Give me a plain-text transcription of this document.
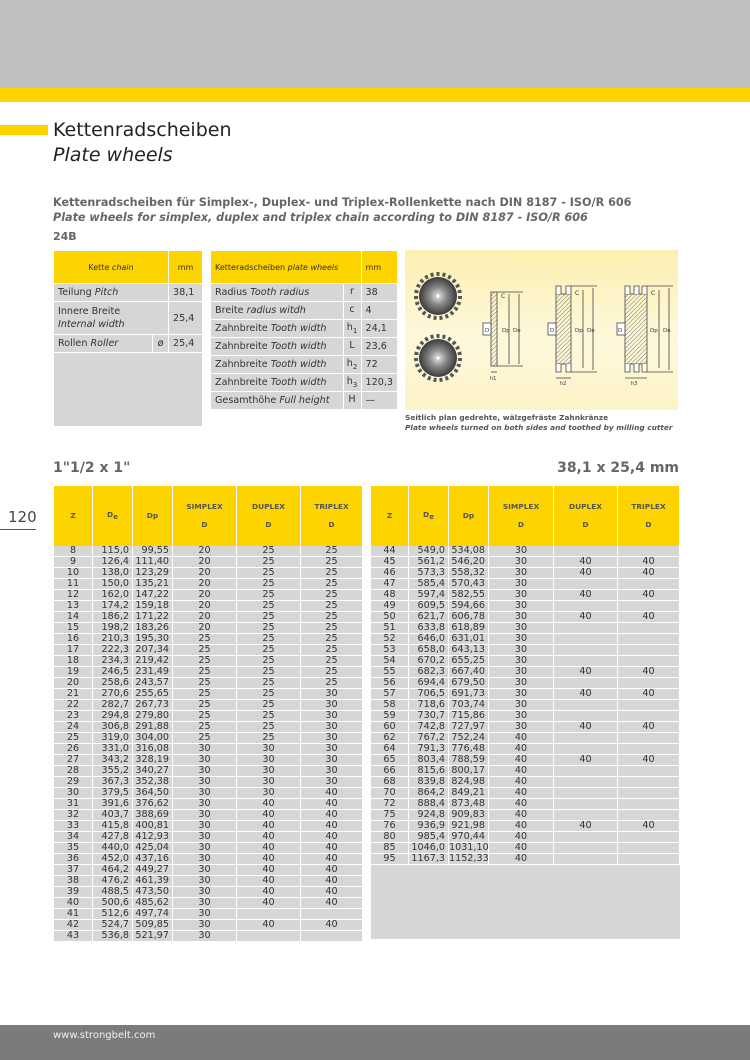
Kettenradscheiben
Plate wheels
Kettenradscheiben für Simplex-, Duplex- und Triplex-Rollenkette nach DIN 8187 - ISO/R 606
Plate wheels for simplex, duplex and triplex chain according to DIN 8187 - ISO/R 606
24B
Kette chain		mm
Teilung Pitch		38,1
Innere Breite
Internal width		25,4
Rollen Roller	ø	25,4

Ketteradscheiben plate wheels		mm
Radius Tooth radius	r	38
Breite radius witdh	c	4
Zahnbreite Tooth width	$h_1$	24,1
Zahnbreite Tooth width	L	23,6
Zahnbreite Tooth width	$h_2$	72
Zahnbreite Tooth width	$h_3$	120,3
Gesamthöhe Full height	H	—
C
D Dp De
h1
C
D	Dp De
h2
C
D	Dp De
h3
Seitlich plan gedrehte, wälzgefräste Zahnkränze
Plate wheels turned on both sides and toothed by milling cutter
1"1/2 x 1"	38,1 x 25,4 mm
120	Z	De	Dp	SIMPLEX
D	DUPLEX
D	TRIPLEX
D
8	115,0	99,55	20	25	25
9	126,4	111,40	20	25	25
10	138,0	123,29	20	25	25
11	150,0	135,21	20	25	25
12	162,0	147,22	20	25	25
13	174,2	159,18	20	25	25
14	186,2	171,22	20	25	25
15	198,2	183,26	20	25	25
16	210,3	195,30	25	25	25
17	222,3	207,34	25	25	25
18	234,3	219,42	25	25	25
19	246,5	231,49	25	25	25
20	258,6	243,57	25	25	25
21	270,6	255,65	25	25	30
22	282,7	267,73	25	25	30
23	294,8	279,80	25	25	30
24	306,8	291,88	25	25	30
25	319,0	304,00	25	25	30
26	331,0	316,08	30	30	30
27	343,2	328,19	30	30	30
28	355,2	340,27	30	30	30
29	367,3	352,38	30	30	30
30	379,5	364,50	30	30	40
31	391,6	376,62	30	40	40
32	403,7	388,69	30	40	40
33	415,8	400,81	30	40	40
34	427,8	412,93	30	40	40
35	440,0	425,04	30	40	40
36	452,0	437,16	30	40	40
37	464,2	449,27	30	40	40
38	476,2	461,39	30	40	40
39	488,5	473,50	30	40	40
40	500,6	485,62	30	40	40
41	512,6	497,74	30		
42	524,7	509,85	30	40	40
43	536,8	521,97	30		
Z	De	Dp	SIMPLEX
D	DUPLEX
D	TRIPLEX
D
44	549,0	534,08	30		
45	561,2	546,20	30	40	40
46	573,3	558,32	30	40	40
47	585,4	570,43	30		
48	597,4	582,55	30	40	40
49	609,5	594,66	30		
50	621,7	606,78	30	40	40
51	633,8	618,89	30		
52	646,0	631,01	30		
53	658,0	643,13	30		
54	670,2	655,25	30		
55	682,3	667,40	30	40	40
56	694,4	679,50	30		
57	706,5	691,73	30	40	40
58	718,6	703,74	30		
59	730,7	715,86	30		
60	742,8	727,97	30	40	40
62	767,2	752,24	40		
64	791,3	776,48	40		
65	803,4	788,59	40	40	40
66	815,6	800,17	40		
68	839,8	824,98	40		
70	864,2	849,21	40		
72	888,4	873,48	40		
75	924,8	909,83	40		
76	936,9	921,98	40	40	40
80	985,4	970,44	40		
85	1046,0	1031,10	40		
95	1167,3	1152,33	40		

www.strongbelt.com
